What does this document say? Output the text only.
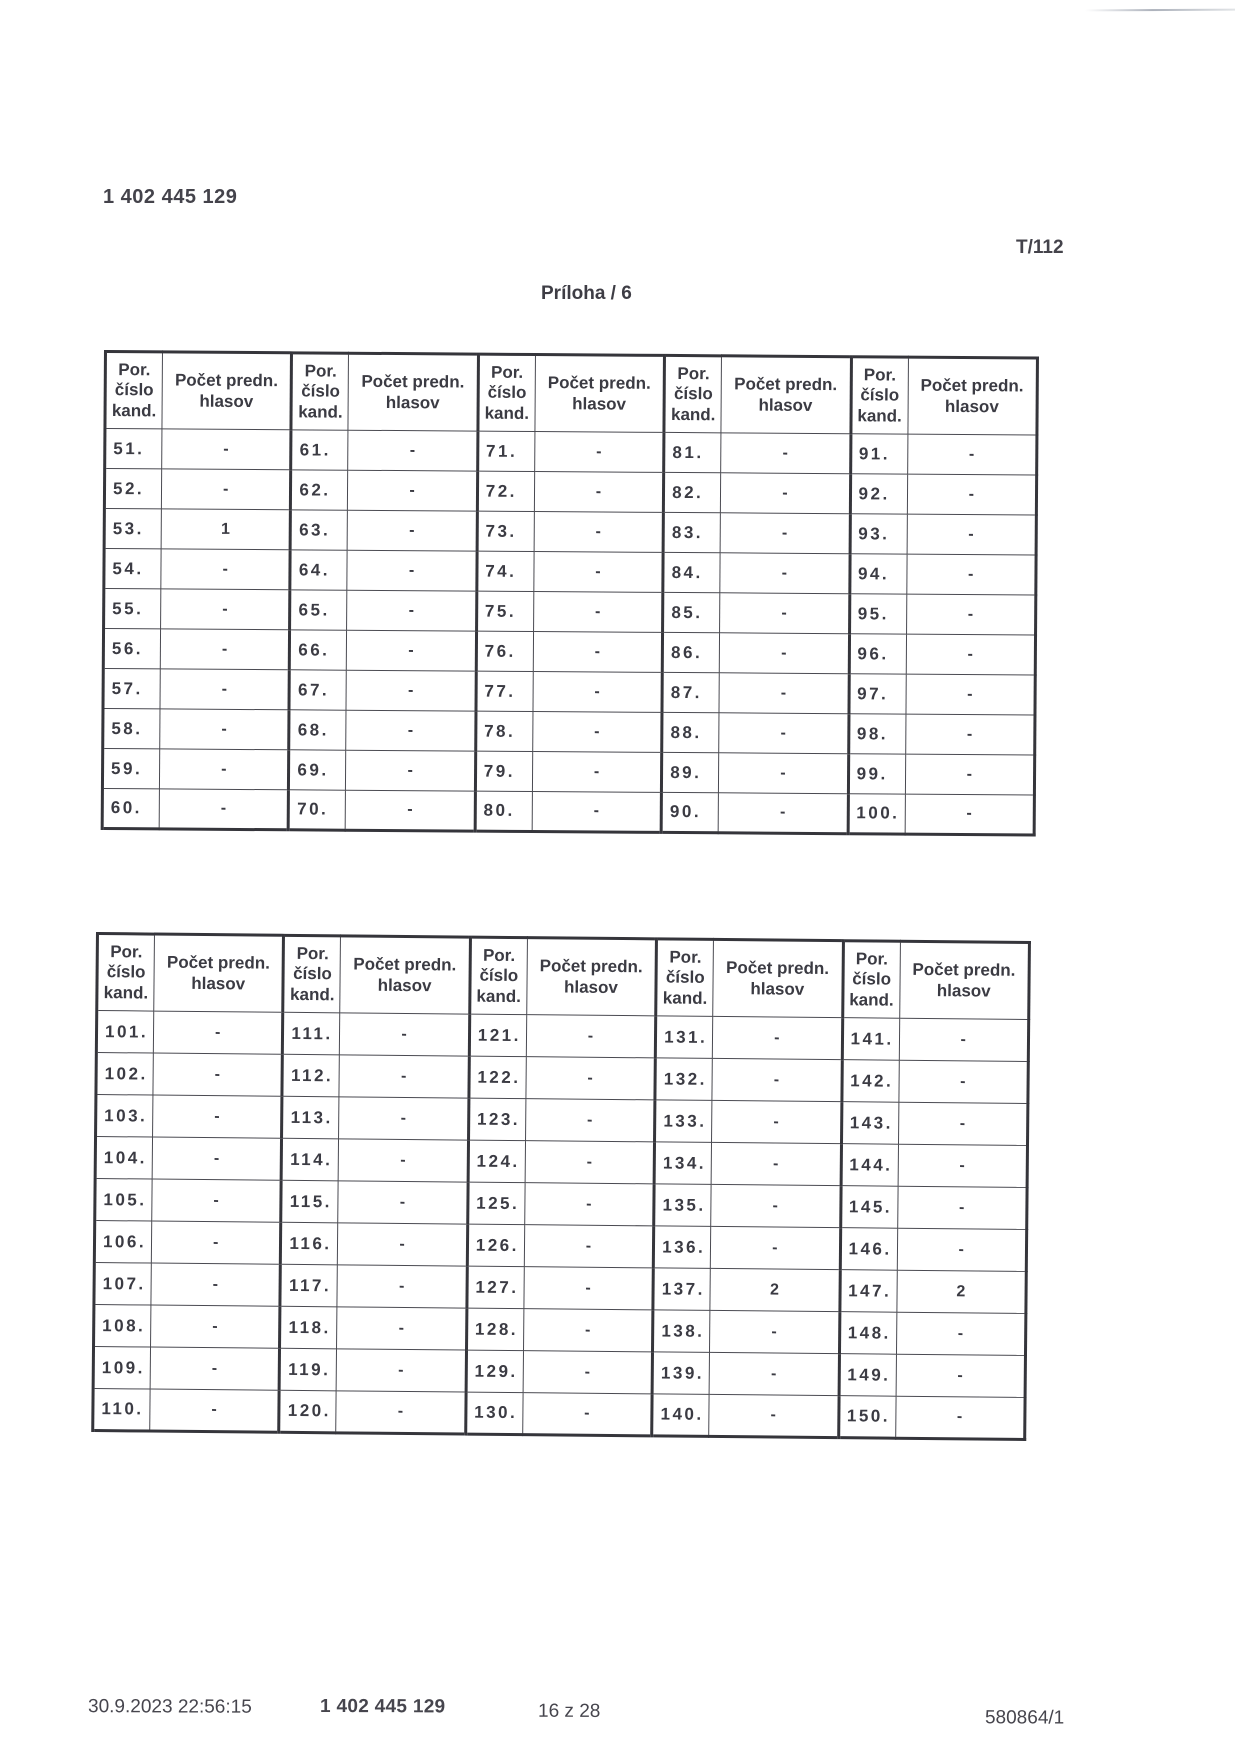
1 402 445 129
T/112
Príloha / 6
Por. číslo kand.	Počet predn. hlasov	Por. číslo kand.	Počet predn. hlasov	Por. číslo kand.	Počet predn. hlasov	Por. číslo kand.	Počet predn. hlasov	Por. číslo kand.	Počet predn. hlasov
51.	-	61.	-	71.	-	81.	-	91.	-
52.	-	62.	-	72.	-	82.	-	92.	-
53.	1	63.	-	73.	-	83.	-	93.	-
54.	-	64.	-	74.	-	84.	-	94.	-
55.	-	65.	-	75.	-	85.	-	95.	-
56.	-	66.	-	76.	-	86.	-	96.	-
57.	-	67.	-	77.	-	87.	-	97.	-
58.	-	68.	-	78.	-	88.	-	98.	-
59.	-	69.	-	79.	-	89.	-	99.	-
60.	-	70.	-	80.	-	90.	-	100.	-
Por. číslo kand.	Počet predn. hlasov	Por. číslo kand.	Počet predn. hlasov	Por. číslo kand.	Počet predn. hlasov	Por. číslo kand.	Počet predn. hlasov	Por. číslo kand.	Počet predn. hlasov
101.	-	111.	-	121.	-	131.	-	141.	-
102.	-	112.	-	122.	-	132.	-	142.	-
103.	-	113.	-	123.	-	133.	-	143.	-
104.	-	114.	-	124.	-	134.	-	144.	-
105.	-	115.	-	125.	-	135.	-	145.	-
106.	-	116.	-	126.	-	136.	-	146.	-
107.	-	117.	-	127.	-	137.	2	147.	2
108.	-	118.	-	128.	-	138.	-	148.	-
109.	-	119.	-	129.	-	139.	-	149.	-
110.	-	120.	-	130.	-	140.	-	150.	-
30.9.2023 22:56:15	1 402 445 129	16 z 28	580864/1
